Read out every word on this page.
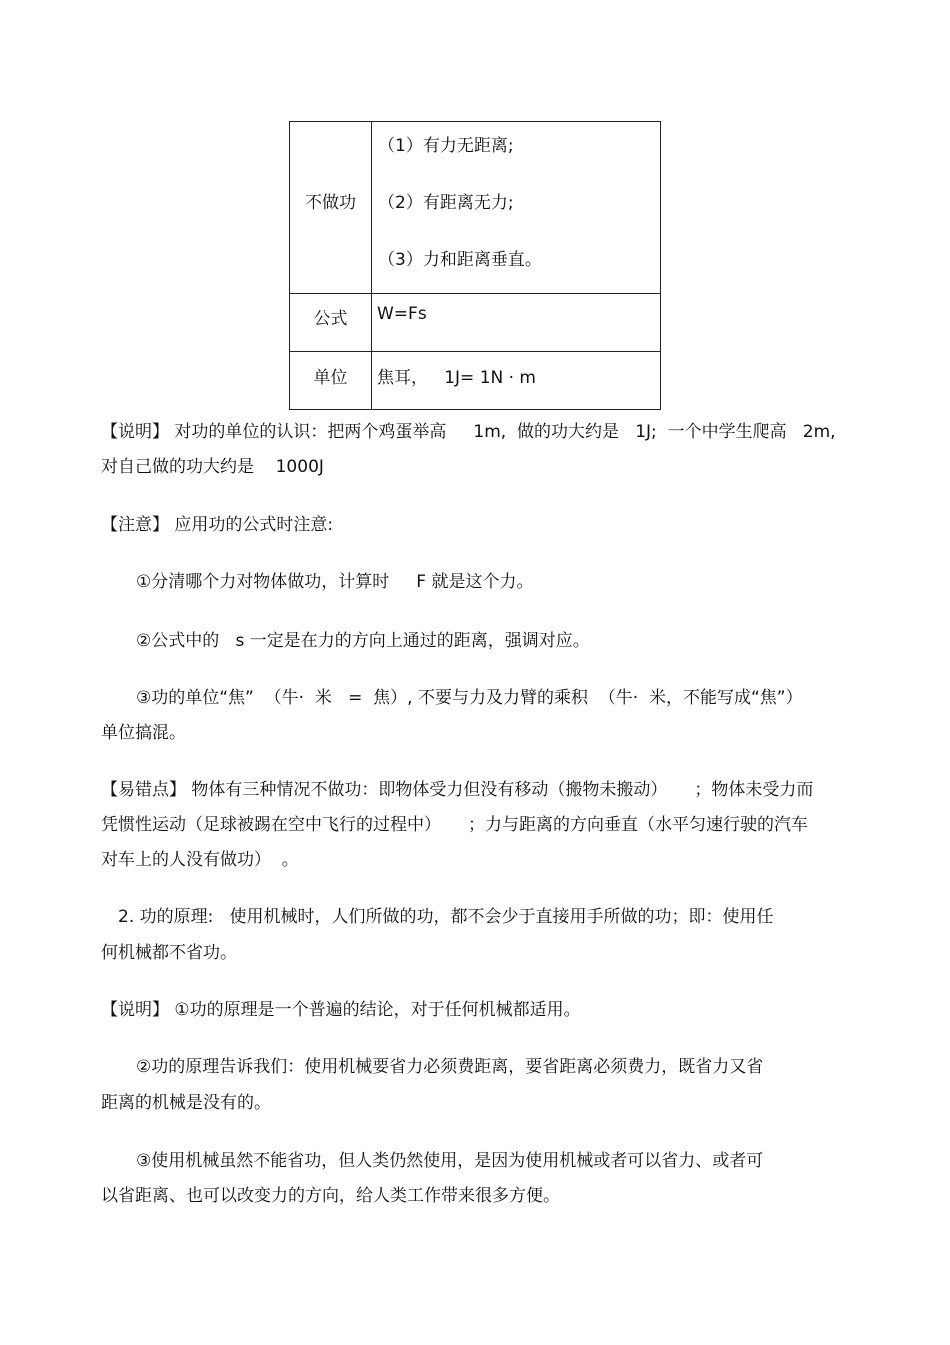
不做功
（1）有力无距离;
（2）有距离无力;
（3）力和距离垂直。
公式	W=Fs
单位	焦耳，   1J= 1N · m
【说明】 对功的单位的认识：把两个鸡蛋举高     1m,  做的功大约是   1J;  一个中学生爬高   2m,
对自己做的功大约是    1000J
【注意】 应用功的公式时注意:
①分清哪个力对物体做功，计算时     F 就是这个力。
②公式中的   s 一定是在力的方向上通过的距离，强调对应。
③功的单位“焦”  （牛·  米   =  焦）, 不要与力及力臂的乘积  （牛·  米，不能写成“焦”）
单位搞混。
【易错点】 物体有三种情况不做功：即物体受力但没有移动（搬物未搬动）     ；物体未受力而
凭惯性运动（足球被踢在空中飞行的过程中）     ；力与距离的方向垂直（水平匀速行驶的汽车
对车上的人没有做功）  。
2. 功的原理:   使用机械时，人们所做的功，都不会少于直接用手所做的功；即：使用任
何机械都不省功。
【说明】 ①功的原理是一个普遍的结论，对于任何机械都适用。
②功的原理告诉我们：使用机械要省力必须费距离，要省距离必须费力，既省力又省
距离的机械是没有的。
③使用机械虽然不能省功，但人类仍然使用，是因为使用机械或者可以省力、或者可
以省距离、也可以改变力的方向，给人类工作带来很多方便。
